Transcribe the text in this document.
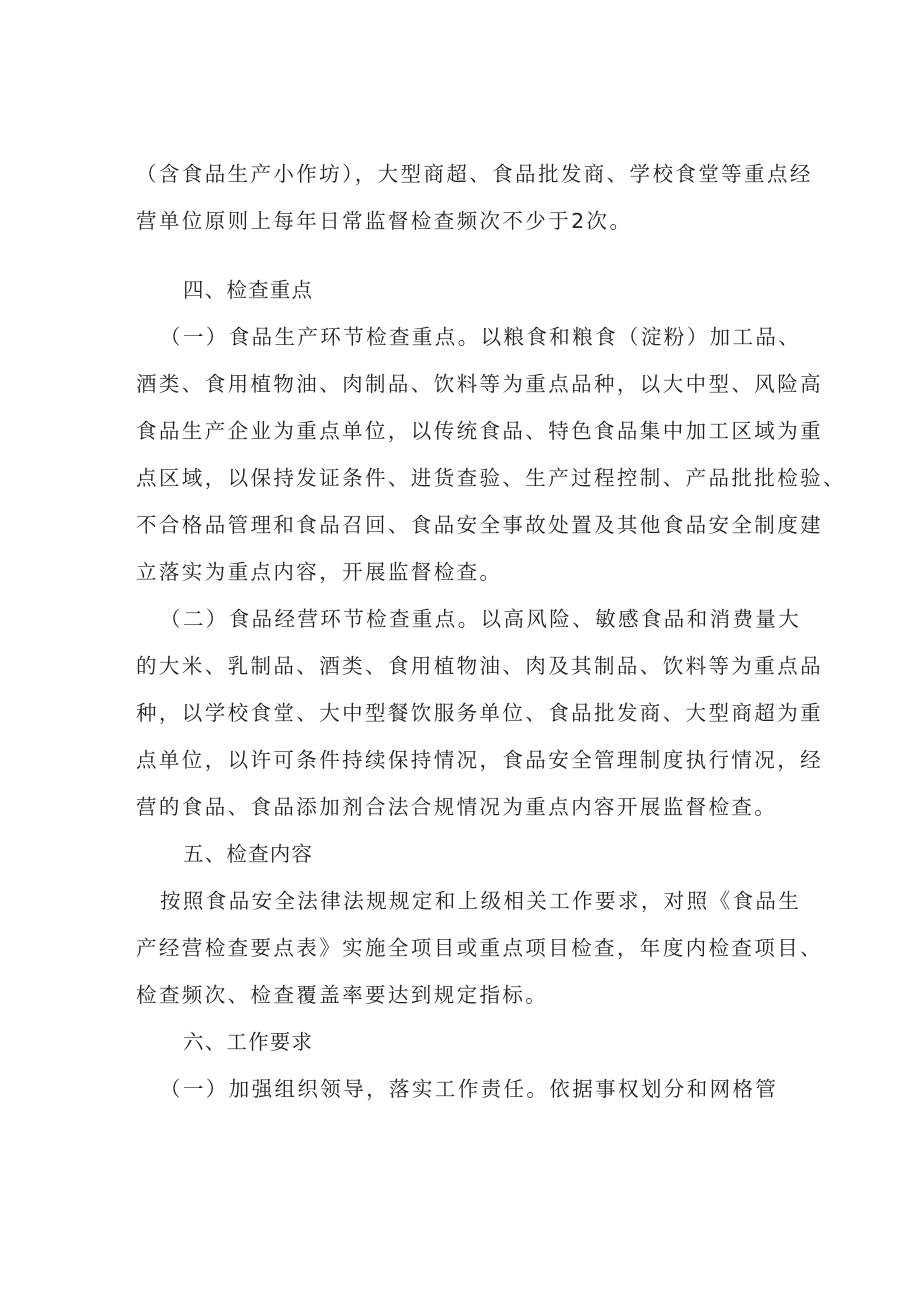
（含食品生产小作坊），大型商超、食品批发商、学校食堂等重点经
营单位原则上每年日常监督检查频次不少于2次。
四、检查重点
（一）食品生产环节检查重点。以粮食和粮食（淀粉）加工品、
酒类、食用植物油、肉制品、饮料等为重点品种，以大中型、风险高
食品生产企业为重点单位，以传统食品、特色食品集中加工区域为重
点区域，以保持发证条件、进货查验、生产过程控制、产品批批检验、
不合格品管理和食品召回、食品安全事故处置及其他食品安全制度建
立落实为重点内容，开展监督检查。
（二）食品经营环节检查重点。以高风险、敏感食品和消费量大
的大米、乳制品、酒类、食用植物油、肉及其制品、饮料等为重点品
种，以学校食堂、大中型餐饮服务单位、食品批发商、大型商超为重
点单位，以许可条件持续保持情况，食品安全管理制度执行情况，经
营的食品、食品添加剂合法合规情况为重点内容开展监督检查。
五、检查内容
按照食品安全法律法规规定和上级相关工作要求，对照《食品生
产经营检查要点表》实施全项目或重点项目检查，年度内检查项目、
检查频次、检查覆盖率要达到规定指标。
六、工作要求
（一）加强组织领导，落实工作责任。依据事权划分和网格管
